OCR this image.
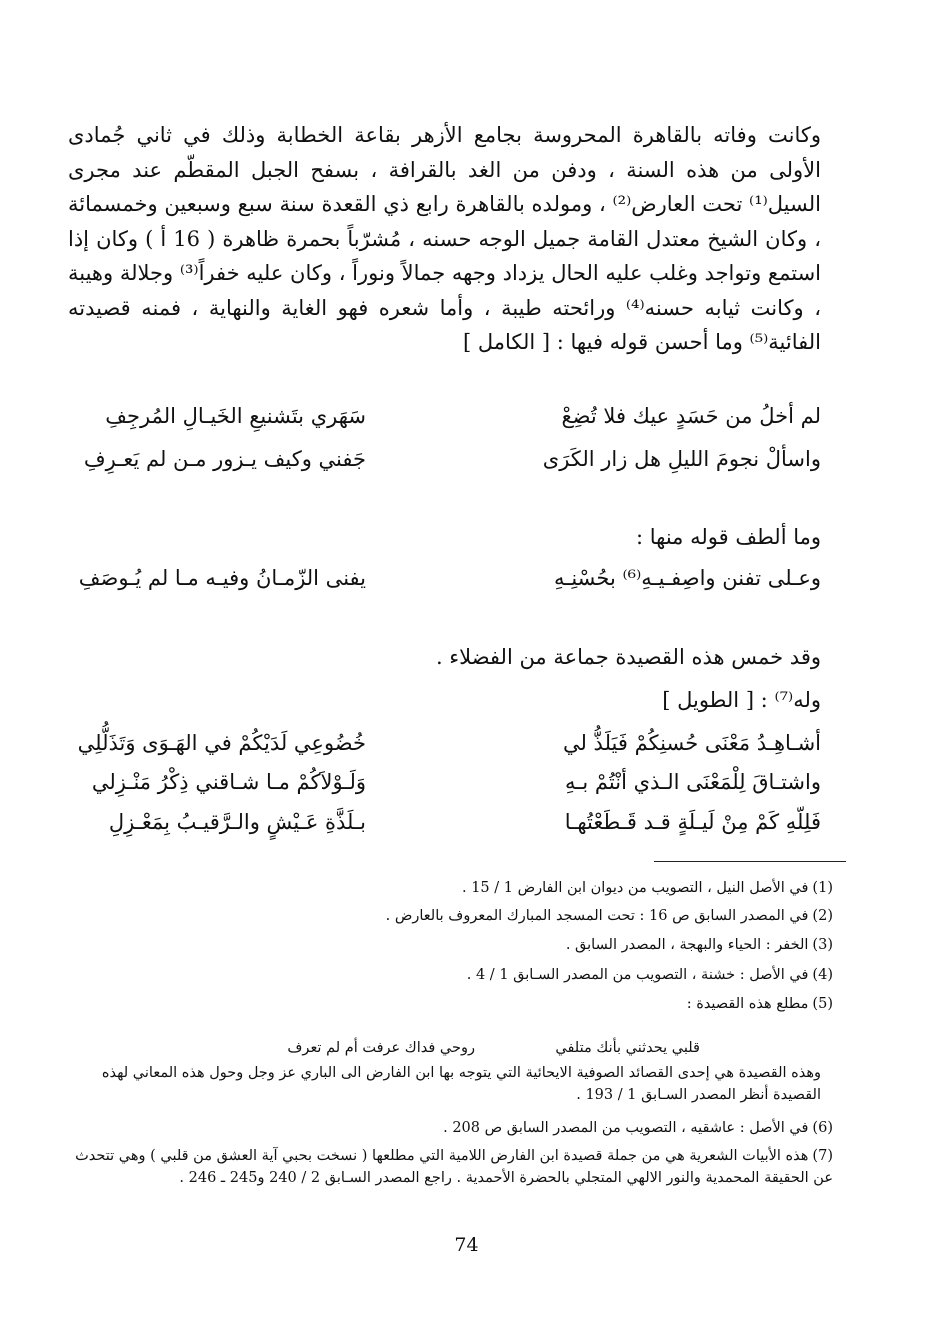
وكانت وفاته بالقاهرة المحروسة بجامع الأزهر بقاعة الخطابة وذلك في ثاني جُمادى الأولى من هذه السنة ، ودفن من الغد بالقرافة ، بسفح الجبل المقطّم عند مجرى السيل⁽¹⁾ تحت العارض⁽²⁾ ، ومولده بالقاهرة رابع ذي القعدة سنة سبع وسبعين وخمسمائة ، وكان الشيخ معتدل القامة جميل الوجه حسنه ، مُشرّباً بحمرة ظاهرة ( 16 أ ) وكان إذا استمع وتواجد وغلب عليه الحال يزداد وجهه جمالاً ونوراً ، وكان عليه خفراً⁽³⁾ وجلالة وهيبة ، وكانت ثيابه حسنه⁽⁴⁾ ورائحته طيبة ، وأما شعره فهو الغاية والنهاية ، فمنه قصيدته الفائية⁽⁵⁾ وما أحسن قوله فيها : [ الكامل ]

لم أخلُ من حَسَدٍ عيك فلا تُضِعْ
سَهَري بتَشنيعِ الخَيـالِ المُرجِفِ
واسألْ نجومَ الليلِ هل زار الكَرَى
جَفني وكيف يـزور مـن لم يَعـرِفِ
وما ألطف قوله منها :
وعـلى تفنن واصِفـيـهِ⁽⁶⁾ بحُسْنِـهِ
يفنى الزّمـانُ وفيـه مـا لم يُـوصَفِ
وقد خمس هذه القصيدة جماعة من الفضلاء .
وله⁽⁷⁾ : [ الطويل ]
أشـاهِـدُ مَعْنَى حُسنِكُمْ فَيَلَذُّ لي
خُضُوعِي لَدَيْكُمْ في الهَـوَى وَتَذَلُّلِي
واشتـاقَ لِلْمَعْنَى الـذي أنْتُمْ بـهِ
وَلَـوْلاَكُمْ مـا شـاقني ذِكْرُ مَنْـزِلي
فَلِلّهِ كَمْ مِنْ لَيـلَةٍ قـد قَـطَعْتُهـا
بـلَذَّةِ عَـيْشٍ والـرَّقيـبُ بِمَعْـزِلِ
(1)في الأصل النيل ، التصويب من ديوان ابن الفارض 1 / 15 .
(2)في المصدر السابق ص 16 : تحت المسجد المبارك المعروف بالعارض .
(3)الخفر : الحياء والبهجة ، المصدر السابق .
(4)في الأصل : خشنة ، التصويب من المصدر السـابق 1 / 4 .
(5)مطلع هذه القصيدة :
قلبي يحدثني بأنك متلفي
روحي فداك عرفت أم لم تعرف
وهذه القصيدة هي إحدى القصائد الصوفية الايحائية التي يتوجه بها ابن الفارض الى الباري عز وجل وحول هذه المعاني لهذه القصيدة أنظر المصدر السـابق 1 / 193 .
(6)في الأصل : عاشقيه ، التصويب من المصدر السابق ص 208 .
(7)هذه الأبيات الشعرية هي من جملة قصيدة ابن الفارض اللامية التي مطلعها ( نسخت بحبي آية العشق من قلبي ) وهي تتحدث عن الحقيقة المحمدية والنور الالهي المتجلي بالحضرة الأحمدية . راجع المصدر السـابق 2 / 240 و245 ـ 246 .
74
